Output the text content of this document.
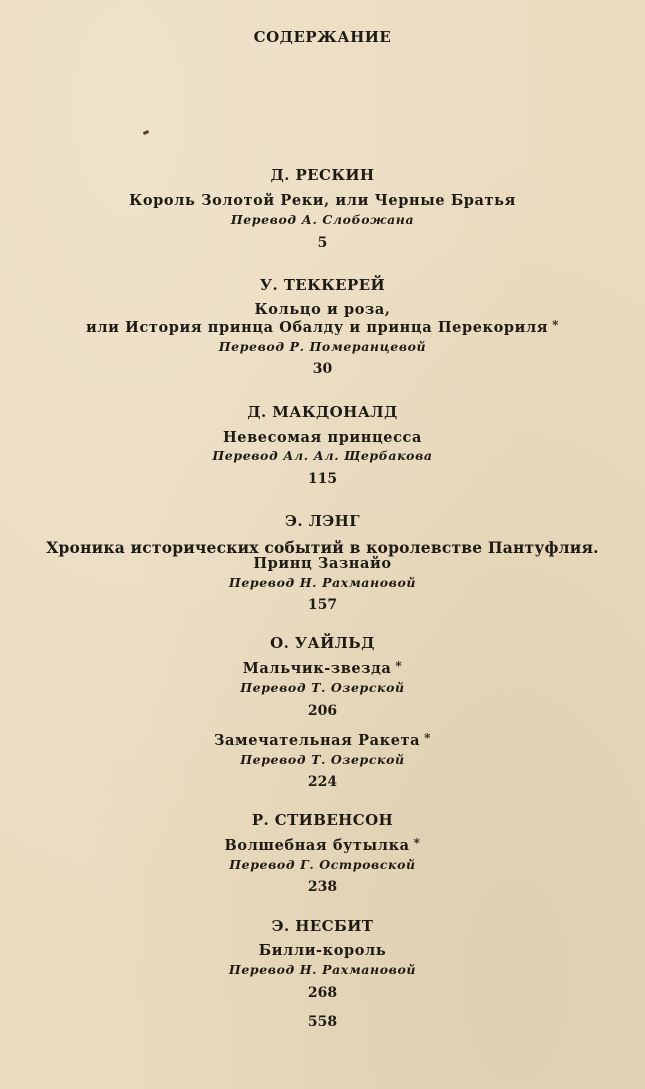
СОДЕРЖАНИЕ
Д. РЕСКИН
Король Золотой Реки, или Черные Братья
Перевод А. Слобожана
5
У. ТЕККЕРЕЙ
Кольцо и роза,
или История принца Обалду и принца Перекориля *
Перевод Р. Померанцевой
30
Д. МАКДОНАЛД
Невесомая принцесса
Перевод Ал. Ал. Щербакова
115
Э. ЛЭНГ
Хроника исторических событий в королевстве Пантуфлия.
Принц Зазнайо
Перевод Н. Рахмановой
157
О. УАЙЛЬД
Мальчик-звезда *
Перевод Т. Озерской
206
Замечательная Ракета *
Перевод Т. Озерской
224
Р. СТИВЕНСОН
Волшебная бутылка *
Перевод Г. Островской
238
Э. НЕСБИТ
Билли-король
Перевод Н. Рахмановой
268
558
